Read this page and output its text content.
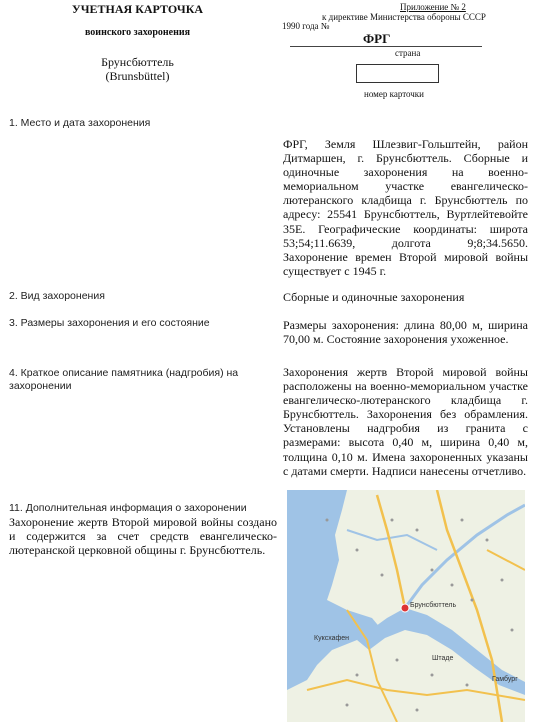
УЧЕТНАЯ КАРТОЧКА
воинского захоронения
Брунсбюттель
(Brunsbüttel)
Приложение № 2
к директиве Министерства обороны СССР
1990 года №
ФРГ
страна
номер карточки
1. Место и дата захоронения
ФРГ, Земля Шлезвиг-Гольштейн, район Дитмаршен, г. Брунсбюттель. Сборные и одиночные захоронения на военно-мемориальном участке евангелическо-лютеранского кладбища г. Брунсбюттель по адресу: 25541 Брунсбюттель, Вуртлейтевойте 35Е. Географические координаты: широта 53;54;11.6639, долгота 9;8;34.5650. Захоронение времен Второй мировой войны существует с 1945 г.
2. Вид захоронения	Сборные и одиночные захоронения
3. Размеры захоронения и его состояние	Размеры захоронения: длина 80,00 м, ширина 70,00 м. Состояние захоронения ухоженное.
4. Краткое описание памятника (надгробия) на захоронении
Захоронения жертв Второй мировой войны расположены на военно-мемориальном участке евангелическо-лютеранского кладбища г. Брунсбюттель. Захоронения без обрамления. Установлены надгробия из гранита с размерами: высота 0,40 м, ширина 0,40 м, толщина 0,10 м. Имена захороненных указаны с датами смерти. Надписи нанесены отчетливо.
11. Дополнительная информация о захоронении
Захоронение жертв Второй мировой войны создано и содержится за счет средств евангелическо-лютеранской церковной общины г. Брунсбюттель.
Брунсбюттель
Куксхафен
Гамбург
Штаде
